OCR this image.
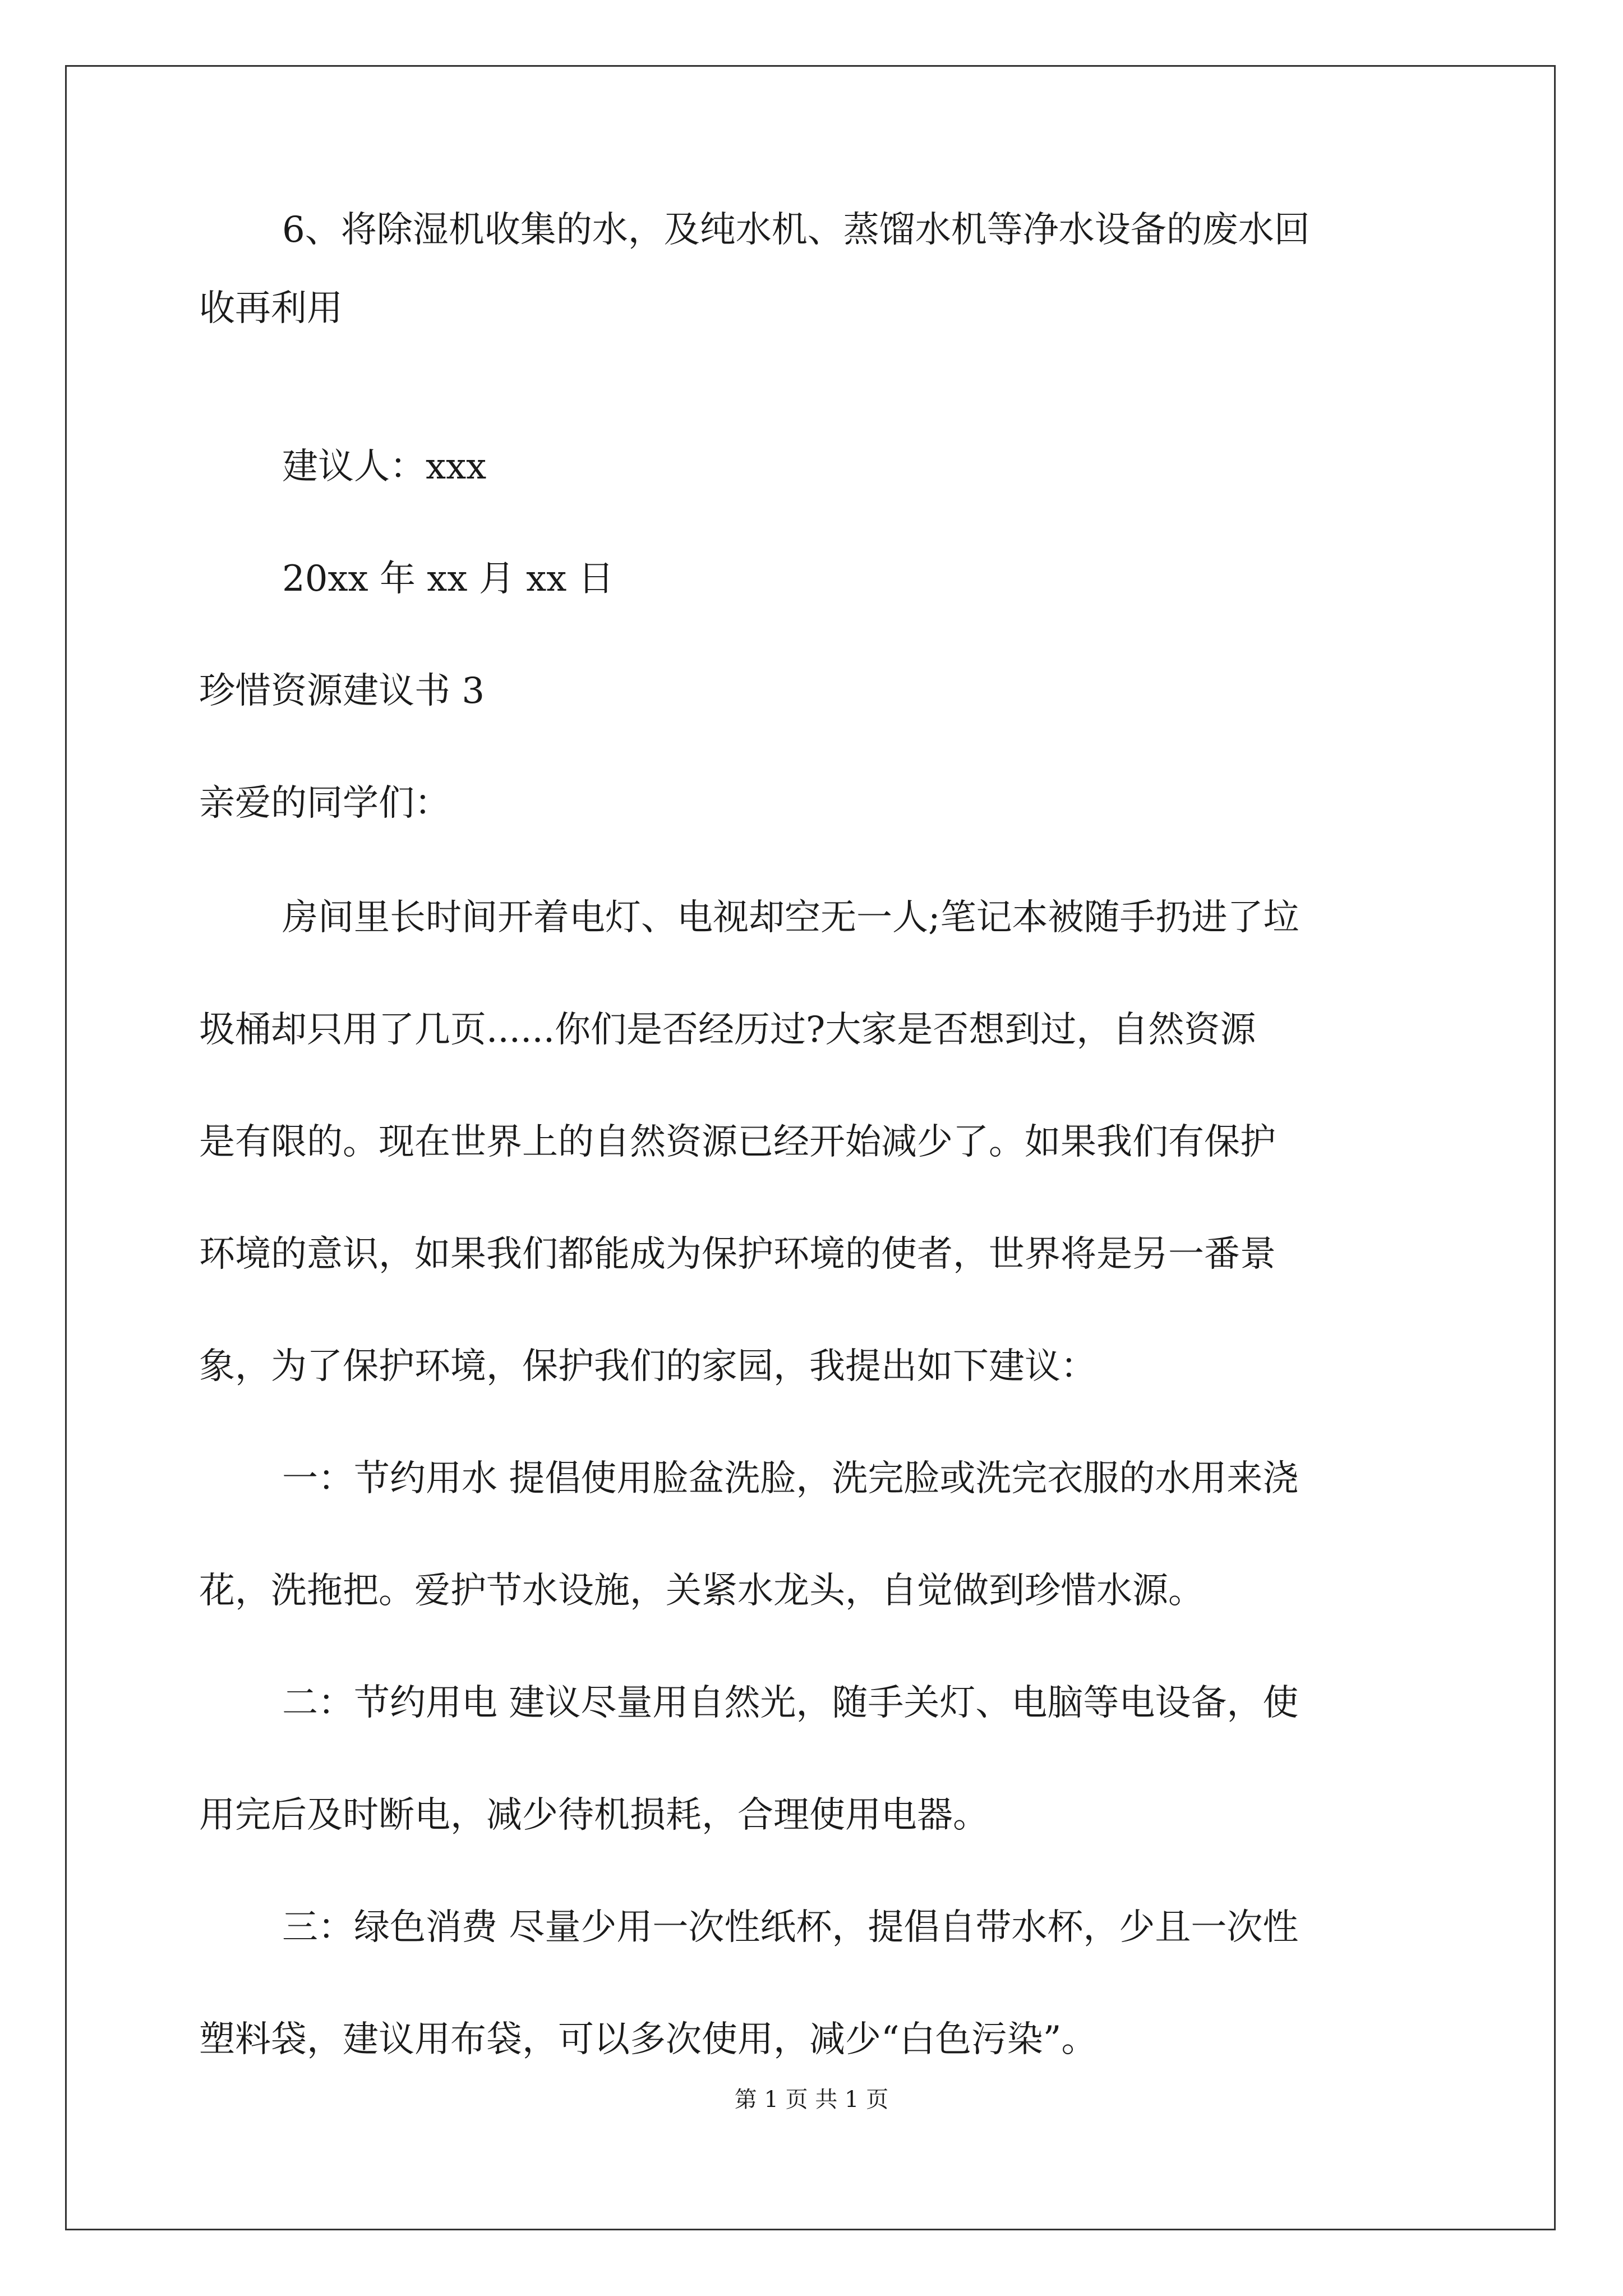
6、将除湿机收集的水，及纯水机、蒸馏水机等净水设备的废水回
收再利用
建议人：xxx
20xx 年 xx 月 xx 日
珍惜资源建议书 3
亲爱的同学们：
房间里长时间开着电灯、电视却空无一人;笔记本被随手扔进了垃
圾桶却只用了几页......你们是否经历过?大家是否想到过，自然资源
是有限的。现在世界上的自然资源已经开始减少了。如果我们有保护
环境的意识，如果我们都能成为保护环境的使者，世界将是另一番景
象，为了保护环境，保护我们的家园，我提出如下建议：
一：节约用水 提倡使用脸盆洗脸，洗完脸或洗完衣服的水用来浇
花，洗拖把。爱护节水设施，关紧水龙头，自觉做到珍惜水源。
二：节约用电 建议尽量用自然光，随手关灯、电脑等电设备，使
用完后及时断电，减少待机损耗，合理使用电器。
三：绿色消费 尽量少用一次性纸杯，提倡自带水杯，少且一次性
塑料袋，建议用布袋，可以多次使用，减少“白色污染”。
第 1 页 共 1 页
